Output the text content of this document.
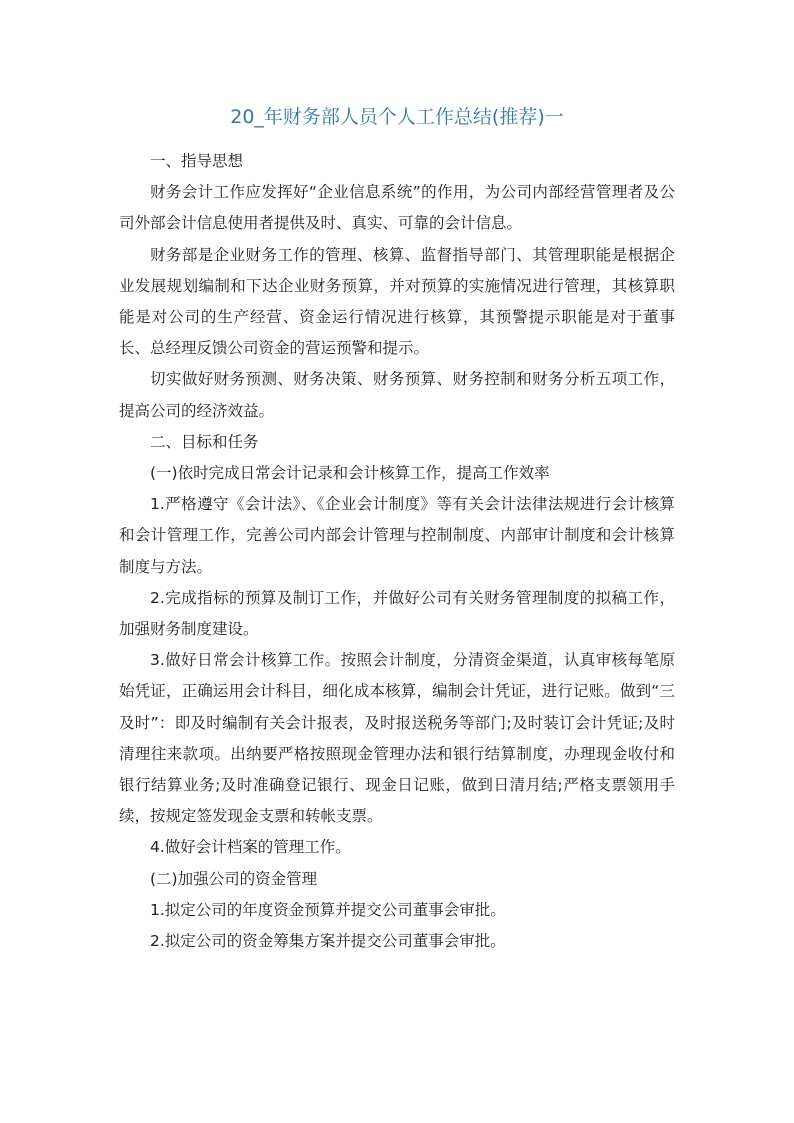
20_年财务部人员个人工作总结(推荐)一

一、指导思想

财务会计工作应发挥好“企业信息系统”的作用，为公司内部经营管理者及公司外部会计信息使用者提供及时、真实、可靠的会计信息。

财务部是企业财务工作的管理、核算、监督指导部门、其管理职能是根据企业发展规划编制和下达企业财务预算，并对预算的实施情况进行管理，其核算职能是对公司的生产经营、资金运行情况进行核算，其预警提示职能是对于董事长、总经理反馈公司资金的营运预警和提示。

切实做好财务预测、财务决策、财务预算、财务控制和财务分析五项工作，提高公司的经济效益。

二、目标和任务

(一)依时完成日常会计记录和会计核算工作，提高工作效率

1.严格遵守《会计法》、《企业会计制度》等有关会计法律法规进行会计核算和会计管理工作，完善公司内部会计管理与控制制度、内部审计制度和会计核算制度与方法。

2.完成指标的预算及制订工作，并做好公司有关财务管理制度的拟稿工作，加强财务制度建设。

3.做好日常会计核算工作。按照会计制度，分清资金渠道，认真审核每笔原始凭证，正确运用会计科目，细化成本核算，编制会计凭证，进行记账。做到“三及时”：即及时编制有关会计报表，及时报送税务等部门;及时装订会计凭证;及时清理往来款项。出纳要严格按照现金管理办法和银行结算制度，办理现金收付和银行结算业务;及时准确登记银行、现金日记账，做到日清月结;严格支票领用手续，按规定签发现金支票和转帐支票。

4.做好会计档案的管理工作。

(二)加强公司的资金管理

1.拟定公司的年度资金预算并提交公司董事会审批。

2.拟定公司的资金筹集方案并提交公司董事会审批。
